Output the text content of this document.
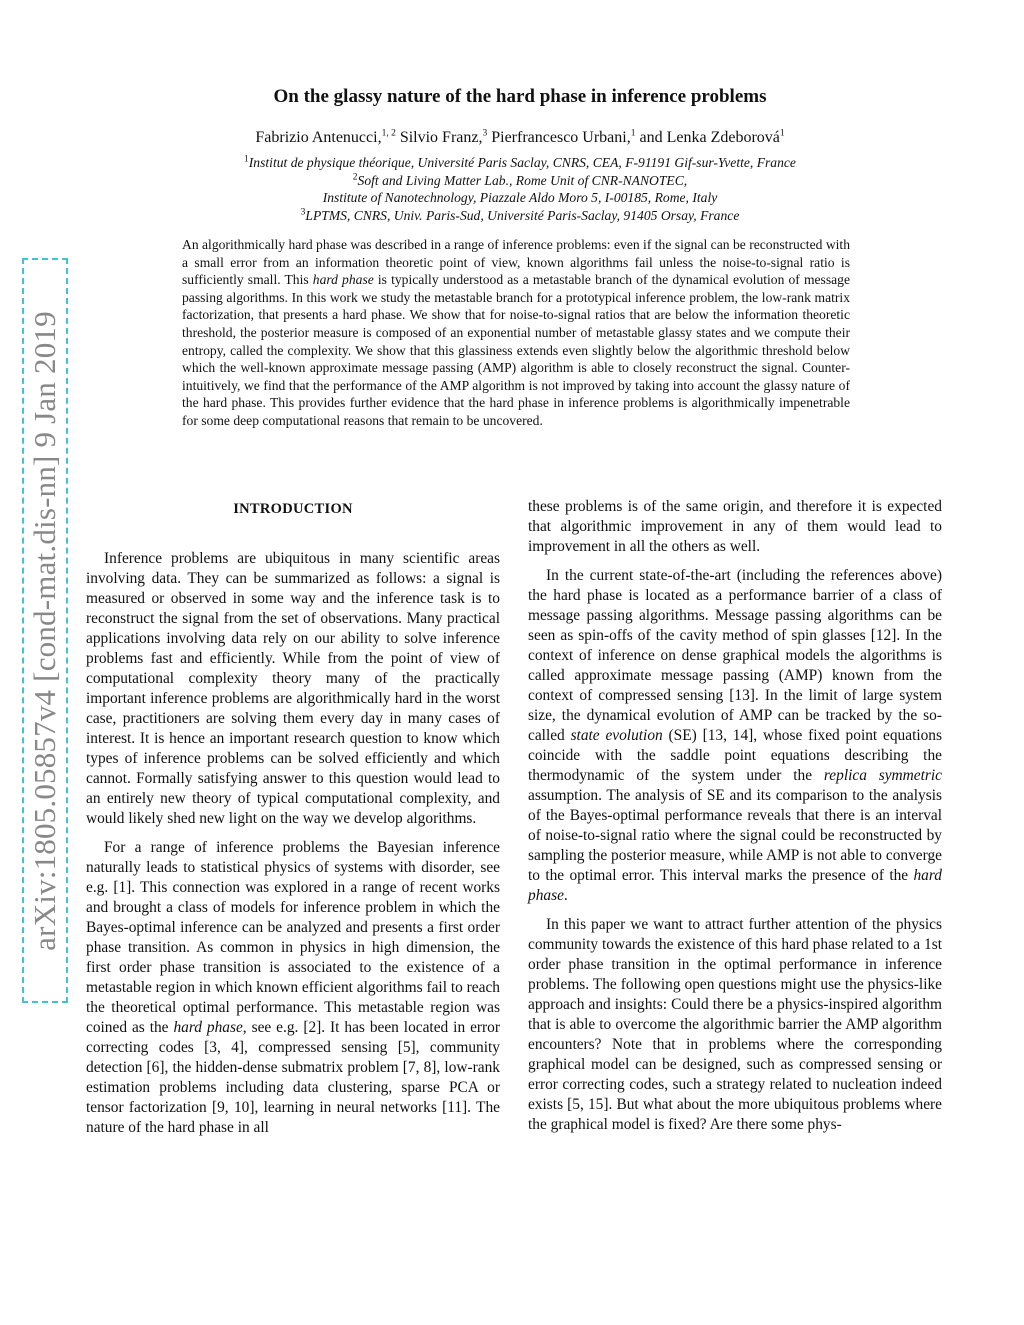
arXiv:1805.05857v4 [cond-mat.dis-nn] 9 Jan 2019
On the glassy nature of the hard phase in inference problems
Fabrizio Antenucci,$^{1, 2}$ Silvio Franz,$^3$ Pierfrancesco Urbani,$^1$ and Lenka Zdeborová$^1$
$^1$Institut de physique théorique, Université Paris Saclay, CNRS, CEA, F-91191 Gif-sur-Yvette, France
$^2$Soft and Living Matter Lab., Rome Unit of CNR-NANOTEC,
Institute of Nanotechnology, Piazzale Aldo Moro 5, I-00185, Rome, Italy
$^3$LPTMS, CNRS, Univ. Paris-Sud, Université Paris-Saclay, 91405 Orsay, France
An algorithmically hard phase was described in a range of inference problems: even if the signal can be reconstructed with a small error from an information theoretic point of view, known algorithms fail unless the noise-to-signal ratio is sufficiently small. This hard phase is typically understood as a metastable branch of the dynamical evolution of message passing algorithms. In this work we study the metastable branch for a prototypical inference problem, the low-rank matrix factorization, that presents a hard phase. We show that for noise-to-signal ratios that are below the information theoretic threshold, the posterior measure is composed of an exponential number of metastable glassy states and we compute their entropy, called the complexity. We show that this glassiness extends even slightly below the algorithmic threshold below which the well-known approximate message passing (AMP) algorithm is able to closely reconstruct the signal. Counter-intuitively, we find that the performance of the AMP algorithm is not improved by taking into account the glassy nature of the hard phase. This provides further evidence that the hard phase in inference problems is algorithmically impenetrable for some deep computational reasons that remain to be uncovered.
INTRODUCTION

Inference problems are ubiquitous in many scientific areas involving data. They can be summarized as follows: a signal is measured or observed in some way and the inference task is to reconstruct the signal from the set of observations. Many practical applications involving data rely on our ability to solve inference problems fast and efficiently. While from the point of view of computational complexity theory many of the practically important inference problems are algorithmically hard in the worst case, practitioners are solving them every day in many cases of interest. It is hence an important research question to know which types of inference problems can be solved efficiently and which cannot. Formally satisfying answer to this question would lead to an entirely new theory of typical computational complexity, and would likely shed new light on the way we develop algorithms.

For a range of inference problems the Bayesian inference naturally leads to statistical physics of systems with disorder, see e.g. [1]. This connection was explored in a range of recent works and brought a class of models for inference problem in which the Bayes-optimal inference can be analyzed and presents a first order phase transition. As common in physics in high dimension, the first order phase transition is associated to the existence of a metastable region in which known efficient algorithms fail to reach the theoretical optimal performance. This metastable region was coined as the hard phase, see e.g. [2]. It has been located in error correcting codes [3, 4], compressed sensing [5], community detection [6], the hidden-dense submatrix problem [7, 8], low-rank estimation problems including data clustering, sparse PCA or tensor factorization [9, 10], learning in neural networks [11]. The nature of the hard phase in all

these problems is of the same origin, and therefore it is expected that algorithmic improvement in any of them would lead to improvement in all the others as well.

In the current state-of-the-art (including the references above) the hard phase is located as a performance barrier of a class of message passing algorithms. Message passing algorithms can be seen as spin-offs of the cavity method of spin glasses [12]. In the context of inference on dense graphical models the algorithms is called approximate message passing (AMP) known from the context of compressed sensing [13]. In the limit of large system size, the dynamical evolution of AMP can be tracked by the so-called state evolution (SE) [13, 14], whose fixed point equations coincide with the saddle point equations describing the thermodynamic of the system under the replica symmetric assumption. The analysis of SE and its comparison to the analysis of the Bayes-optimal performance reveals that there is an interval of noise-to-signal ratio where the signal could be reconstructed by sampling the posterior measure, while AMP is not able to converge to the optimal error. This interval marks the presence of the hard phase.

In this paper we want to attract further attention of the physics community towards the existence of this hard phase related to a 1st order phase transition in the optimal performance in inference problems. The following open questions might use the physics-like approach and insights: Could there be a physics-inspired algorithm that is able to overcome the algorithmic barrier the AMP algorithm encounters? Note that in problems where the corresponding graphical model can be designed, such as compressed sensing or error correcting codes, such a strategy related to nucleation indeed exists [5, 15]. But what about the more ubiquitous problems where the graphical model is fixed? Are there some phys-
